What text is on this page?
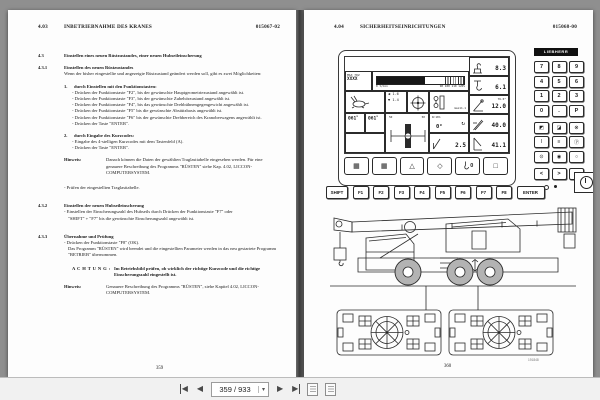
4.03	INBETRIEBNAHME DES KRANES	015067-02
4.3	Einstellen eines neuen Rüstzustandes, einer neuen Hubseileinscherung
4.3.1	Einstellen des neuen Rüstzustandes
Wenn der bisher eingestellte und angezeigte Rüstzustand geändert werden soll, gibt es zwei Möglichkeiten:
1.	durch Einstellen mit den Funktionstasten:
- Drücken der Funktionstaste "F2", bis der gewünschte Hauptgeometriezustand angewählt ist.
- Drücken der Funktionstaste "F3", bis der gewünschte Zubehörzustand angewählt ist.
- Drücken der Funktionstaste "F4", bis das gewünschte Drehbühnengegengewicht angewählt ist.
- Drücken der Funktionstaste "F5" bis die gewünschte Abstützbasis angewählt ist.
- Drücken der Funktionstaste "F6" bis der gewünschte Drehbereich des Kranoberwagens angewählt ist.
- Drücken der Taste "ENTER".
2.	durch Eingabe des Kurzcodes:
- Eingabe des 4-stelligen Kurzcodes mit dem Tastenfeld (A).
- Drücken der Taste "ENTER".
Hinweis:	Danach können die Daten der gewählten Traglasttabelle eingesehen werden. Für eine genauere Beschreibung des Programms "RÜSTEN" siehe Kap. 4.02, LICCON-COMPUTERSYSTEM.
- Prüfen der eingestellten Traglasttabelle.
4.3.2	Einstellen der neuen Hubseileinscherung
- Einstellen der Einscherungszahl des Hubseils durch Drücken der Funktionstaste "F7" oder
"SHIFT" + "F7" bis die gewünschte Einscherungszahl angewählt ist.
4.3.3	Übernahme und Prüfung
- Drücken der Funktionstaste "F8" (OK).
Das Programm "RÜSTEN" wird beendet und die eingestellten Parameter werden in das neu gestartete Programm "BETRIEB" übernommen.
A C H T U N G : Im Betriebsbild prüfen, ob wirklich der richtige Kurzcode und die richtige Einscherungszahl eingestellt ist.
Hinweis:	Genauere Beschreibung des Programms "RÜSTEN", siehe Kapitel 4.02, LICCON-COMPUTERSYSTEM.
359
4.04	SICHERHEITSEINRICHTUNGEN	015068-00
MAX 702
XXXX
0 t/min	90 100 110 120%
◀ 1.6
▼ 1.4
max11.1
061$^x$
061$^x$	50	50	W:10%
0°	↻
2.5
8.3
6.1
12.0
76.0°
40.0
41.1
▦	▦	△	◇	0	□
SHIFT	F1	F2	F3	F4	F5	F6	F7	F8	ENTER
LIEBHERR
7	8	9
4	5	6
1	2	3
0	.	P
◩	◪	⊗
Ι	≡	Ⓟ
⊙	◉	○
<	>
191848
360
◀ ◀	359 / 933	▾	▶ ▶
